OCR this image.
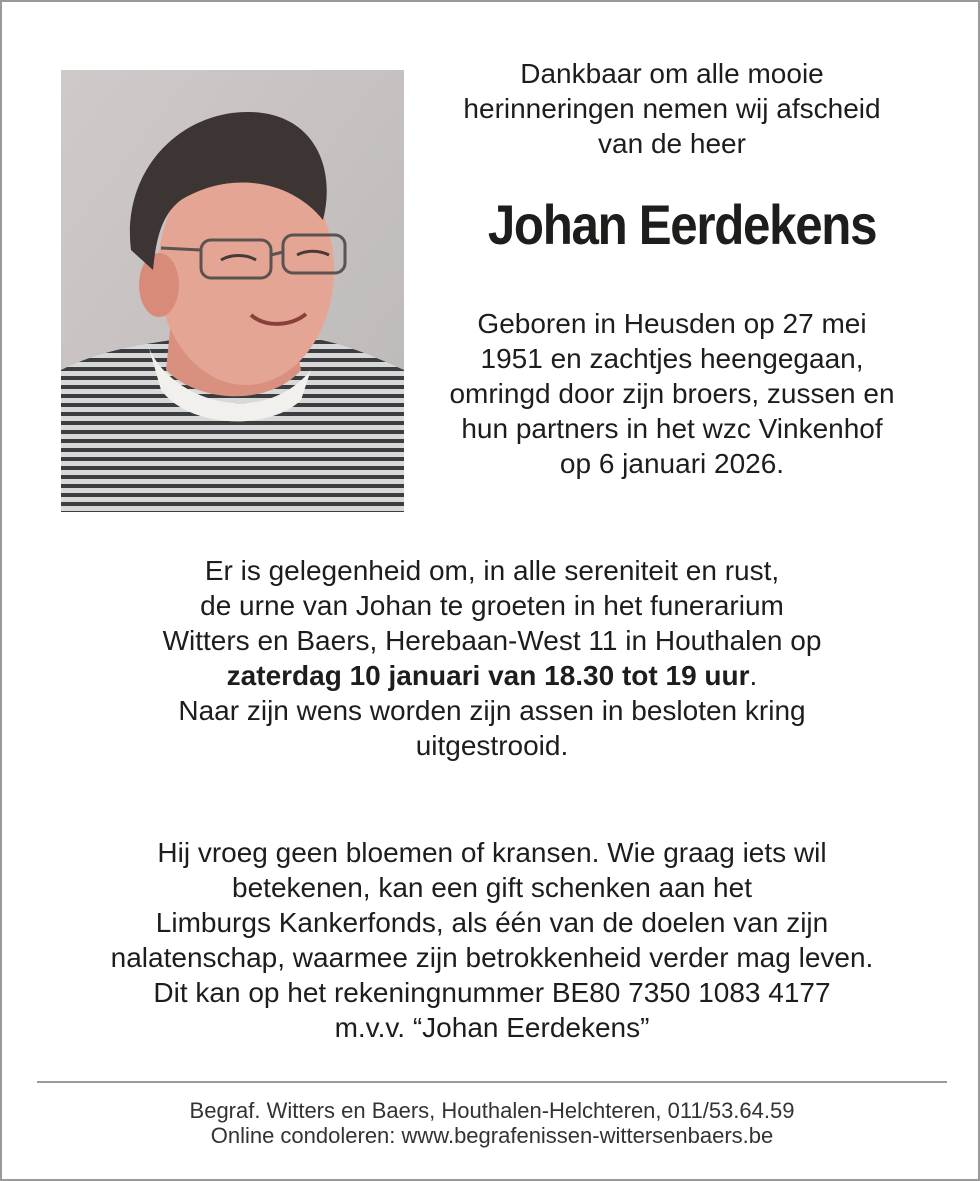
Dankbaar om alle mooie
herinneringen nemen wij afscheid
van de heer
Johan Eerdekens
Geboren in Heusden op 27 mei
1951 en zachtjes heengegaan,
omringd door zijn broers, zussen en
hun partners in het wzc Vinkenhof
op 6 januari 2026.
Er is gelegenheid om, in alle sereniteit en rust,
de urne van Johan te groeten in het funerarium
Witters en Baers, Herebaan-West 11 in Houthalen op
zaterdag 10 januari van 18.30 tot 19 uur.
Naar zijn wens worden zijn assen in besloten kring
uitgestrooid.
Hij vroeg geen bloemen of kransen. Wie graag iets wil
betekenen, kan een gift schenken aan het
Limburgs Kankerfonds, als één van de doelen van zijn
nalatenschap, waarmee zijn betrokkenheid verder mag leven.
Dit kan op het rekeningnummer BE80 7350 1083 4177
m.v.v. “Johan Eerdekens”
Begraf. Witters en Baers, Houthalen-Helchteren, 011/53.64.59
Online condoleren: www.begrafenissen-wittersenbaers.be
